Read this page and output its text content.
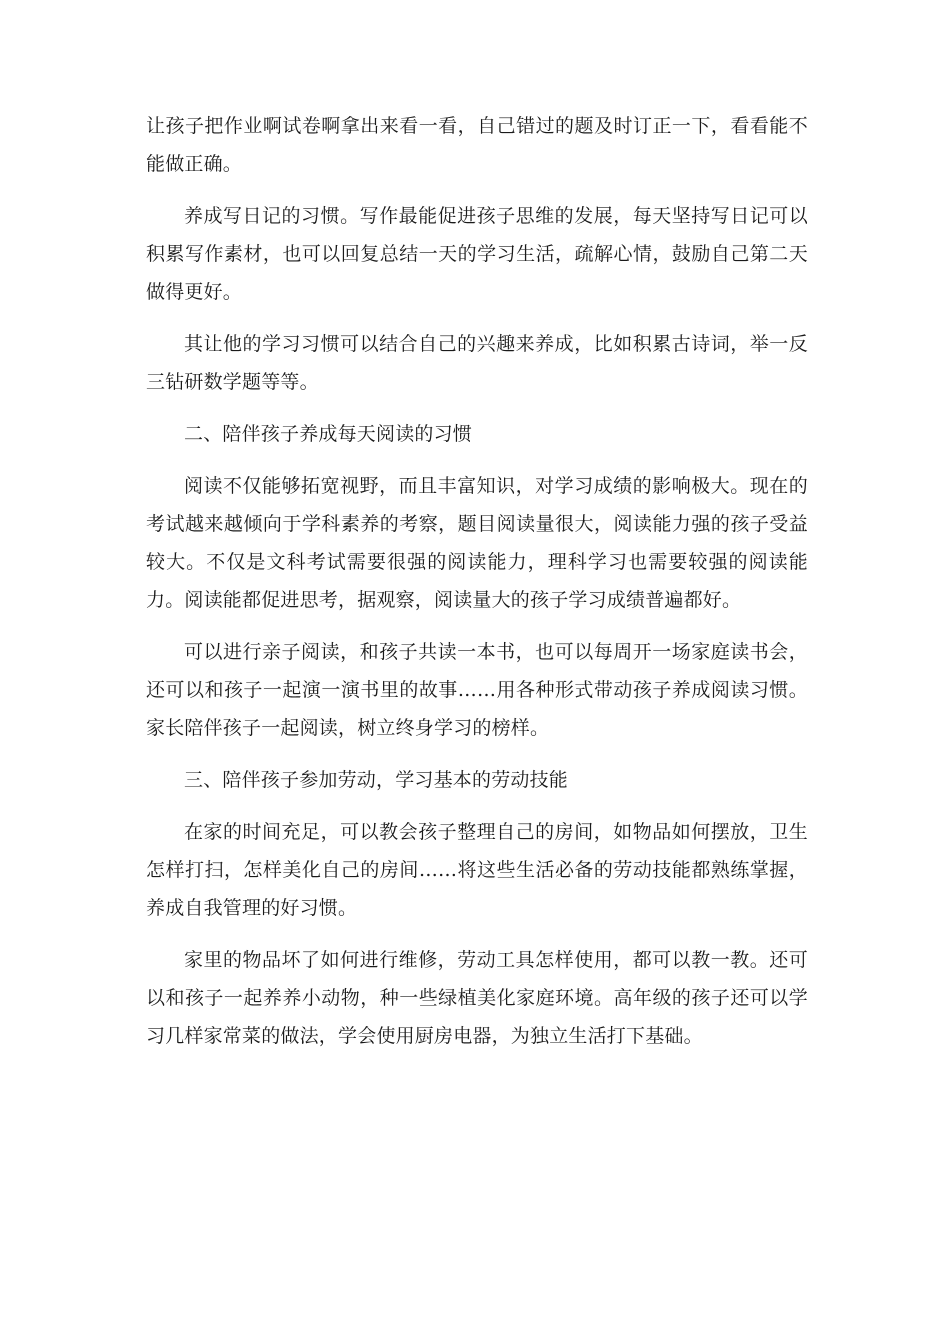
让孩子把作业啊试卷啊拿出来看一看，自己错过的题及时订正一下，看看能不能做正确。

养成写日记的习惯。写作最能促进孩子思维的发展，每天坚持写日记可以积累写作素材，也可以回复总结一天的学习生活，疏解心情，鼓励自己第二天做得更好。

其让他的学习习惯可以结合自己的兴趣来养成，比如积累古诗词，举一反三钻研数学题等等。

二、陪伴孩子养成每天阅读的习惯

阅读不仅能够拓宽视野，而且丰富知识，对学习成绩的影响极大。现在的考试越来越倾向于学科素养的考察，题目阅读量很大，阅读能力强的孩子受益较大。不仅是文科考试需要很强的阅读能力，理科学习也需要较强的阅读能力。阅读能都促进思考，据观察，阅读量大的孩子学习成绩普遍都好。

可以进行亲子阅读，和孩子共读一本书，也可以每周开一场家庭读书会，还可以和孩子一起演一演书里的故事……用各种形式带动孩子养成阅读习惯。家长陪伴孩子一起阅读，树立终身学习的榜样。

三、陪伴孩子参加劳动，学习基本的劳动技能

在家的时间充足，可以教会孩子整理自己的房间，如物品如何摆放，卫生怎样打扫，怎样美化自己的房间……将这些生活必备的劳动技能都熟练掌握，养成自我管理的好习惯。

家里的物品坏了如何进行维修，劳动工具怎样使用，都可以教一教。还可以和孩子一起养养小动物，种一些绿植美化家庭环境。高年级的孩子还可以学习几样家常菜的做法，学会使用厨房电器，为独立生活打下基础。
